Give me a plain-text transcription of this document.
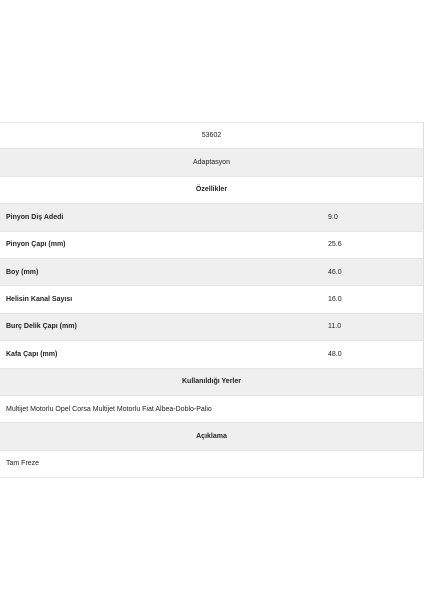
53602
Adaptasyon
Özellikler
Pinyon Diş Adedi	9.0
Pinyon Çapı (mm)	25.6
Boy (mm)	46.0
Helisin Kanal Sayısı	16.0
Burç Delik Çapı (mm)	11.0
Kafa Çapı (mm)	48.0
Kullanıldığı Yerler
Multijet Motorlu Opel Corsa Multijet Motorlu Fiat Albea-Doblo-Palio
Açıklama
Tam Freze
